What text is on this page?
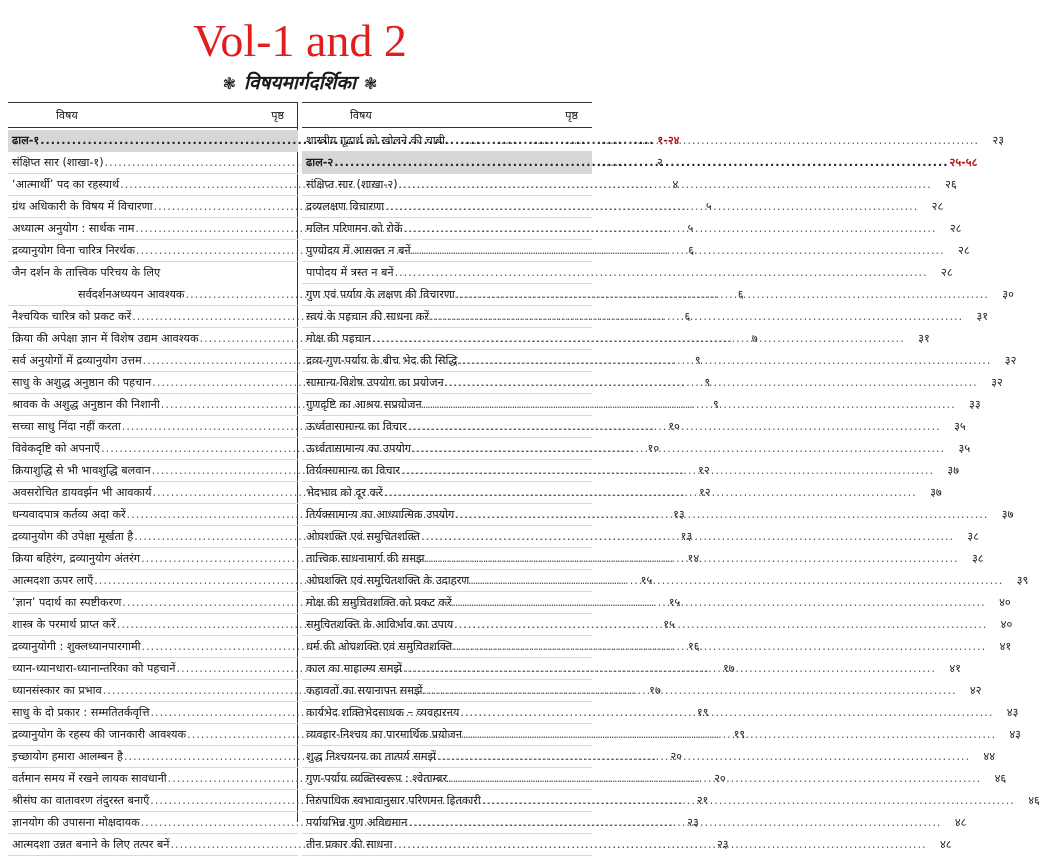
Vol-1 and 2
❃ विषयमार्गदर्शिका ❃
विषय	पृष्ठ
ढाल-१ .....	१-२४
संक्षिप्त सार (शाखा-१) .....	२
‘आत्मार्थी’ पद का रहस्यार्थ .....	४
ग्रंथ अधिकारी के विषय में विचारणा .....	५
अध्यात्म अनुयोग : सार्थक नाम .....	५
द्रव्यानुयोग विना चारित्र निरर्थक .....	६
जैन दर्शन के तात्त्विक परिचय के लिए
सर्वदर्शनअध्ययन आवश्यक .....	६
नैश्चयिक चारित्र को प्रकट करें .....	६
क्रिया की अपेक्षा ज्ञान में विशेष उद्यम आवश्यक .....	७
सर्व अनुयोगों में द्रव्यानुयोग उत्तम .....	९
साधु के अशुद्ध अनुष्ठान की पहचान .....	९
श्रावक के अशुद्ध अनुष्ठान की निशानी .....	९
सच्चा साधु निंदा नहीं करता .....	१०
विवेकदृष्टि को अपनाएँ .....	१०
क्रियाशुद्धि से भी भावशुद्धि बलवान .....	१२
अवसरोचित डायवर्झन भी आवकार्य .....	१२
धन्यवादपात्र कर्तव्य अदा करें .....	१३
द्रव्यानुयोग की उपेक्षा मूर्खता है .....	१३
क्रिया बहिरंग, द्रव्यानुयोग अंतरंग .....	१४
आत्मदशा ऊपर लाएँ .....	१५
‘ज्ञान’ पदार्थ का स्पष्टीकरण .....	१५
शास्त्र के परमार्थ प्राप्त करें .....	१५
द्रव्यानुयोगी : शुक्लध्यानपारगामी .....	१६
ध्यान-ध्यानधारा-ध्यानान्तरिका को पहचानें .....	१७
ध्यानसंस्कार का प्रभाव .....	१७
साधु के दो प्रकार : सम्मतितर्कवृत्ति .....	१९
द्रव्यानुयोग के रहस्य की जानकारी आवश्यक .....	१९
इच्छायोग हमारा आलम्बन है .....	२०
वर्तमान समय में रखने लायक सावधानी .....	२०
श्रीसंघ का वातावरण तंदुरस्त बनाएँ .....	२१
ज्ञानयोग की उपासना मोक्षदायक .....	२३
आत्मदशा उन्नत बनाने के लिए तत्पर बनें .....	२३
विषय	पृष्ठ
शास्त्रीय गूढार्थ को खोलने की चाबी .....	२३
ढाल-२ .....	२५-५८
संक्षिप्त सार (शाखा-२) .....	२६
द्रव्यलक्षण विचारणा .....	२८
मलिन परिणमन को रोकें .....	२८
पुण्योदय में आसक्त न बनें .....	२८
पापोदय में त्रस्त न बनें .....	२८
गुण एवं पर्याय के लक्षण की विचारणा .....	३०
स्वयं के पहचान की साधना करें .....	३१
मोक्ष की पहचान .....	३१
द्रव्य-गुण-पर्याय के बीच भेद की सिद्धि .....	३२
सामान्य-विशेष उपयोग का प्रयोजन .....	३२
गुणदृष्टि का आश्रय सप्रयोजन .....	३३
ऊर्ध्वतासामान्य का विचार .....	३५
ऊर्ध्वतासामान्य का उपयोग .....	३५
तिर्यक्सामान्य का विचार .....	३७
भेदभाव को दूर करें .....	३७
तिर्यक्सामान्य का आध्यात्मिक उपयोग .....	३७
ओघशक्ति एवं समुचितशक्ति .....	३८
तात्त्विक साधनामार्ग की समझ .....	३८
ओघशक्ति एवं समुचितशक्ति के उदाहरण .....	३९
मोक्ष की समुचितशक्ति को प्रकट करें .....	४०
समुचितशक्ति के आविर्भाव का उपाय .....	४०
धर्म की ओघशक्ति एवं समुचितशक्ति .....	४१
काल का माहात्म्य समझें .....	४१
कहावतों का सयानापन समझें .....	४२
कार्यभेद शक्तिभेदसाधक – व्यवहारनय .....	४३
व्यवहार-निश्चय का पारमार्थिक प्रयोजन .....	४३
शुद्ध निश्चयनय का तात्पर्य समझें .....	४४
गुण-पर्याय व्यक्तिस्वरूप : श्वेताम्बर .....	४६
निरुपाधिक स्वभावानुसार परिणमन हितकारी .....	४६
पर्यायभिन्न गुण अविद्यमान .....	४८
तीन प्रकार की साधना .....	४८
